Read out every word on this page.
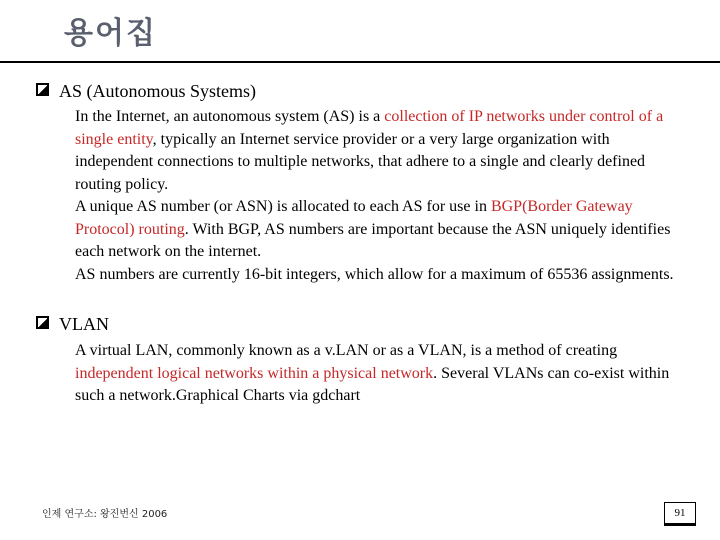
용어집
AS (Autonomous Systems)

In the Internet, an autonomous system (AS) is a collection of IP networks under control of a single entity, typically an Internet service provider or a very large organization with independent connections to multiple networks, that adhere to a single and clearly defined routing policy.

A unique AS number (or ASN) is allocated to each AS for use in BGP(Border Gateway Protocol) routing. With BGP, AS numbers are important because the ASN uniquely identifies each network on the internet.

AS numbers are currently 16-bit integers, which allow for a maximum of 65536 assignments.

VLAN

A virtual LAN, commonly known as a v.LAN or as a VLAN, is a method of creating independent logical networks within a physical network. Several VLANs can co-exist within such a network.Graphical Charts via gdchart

인제 연구소: 왕진번신 2006	91
